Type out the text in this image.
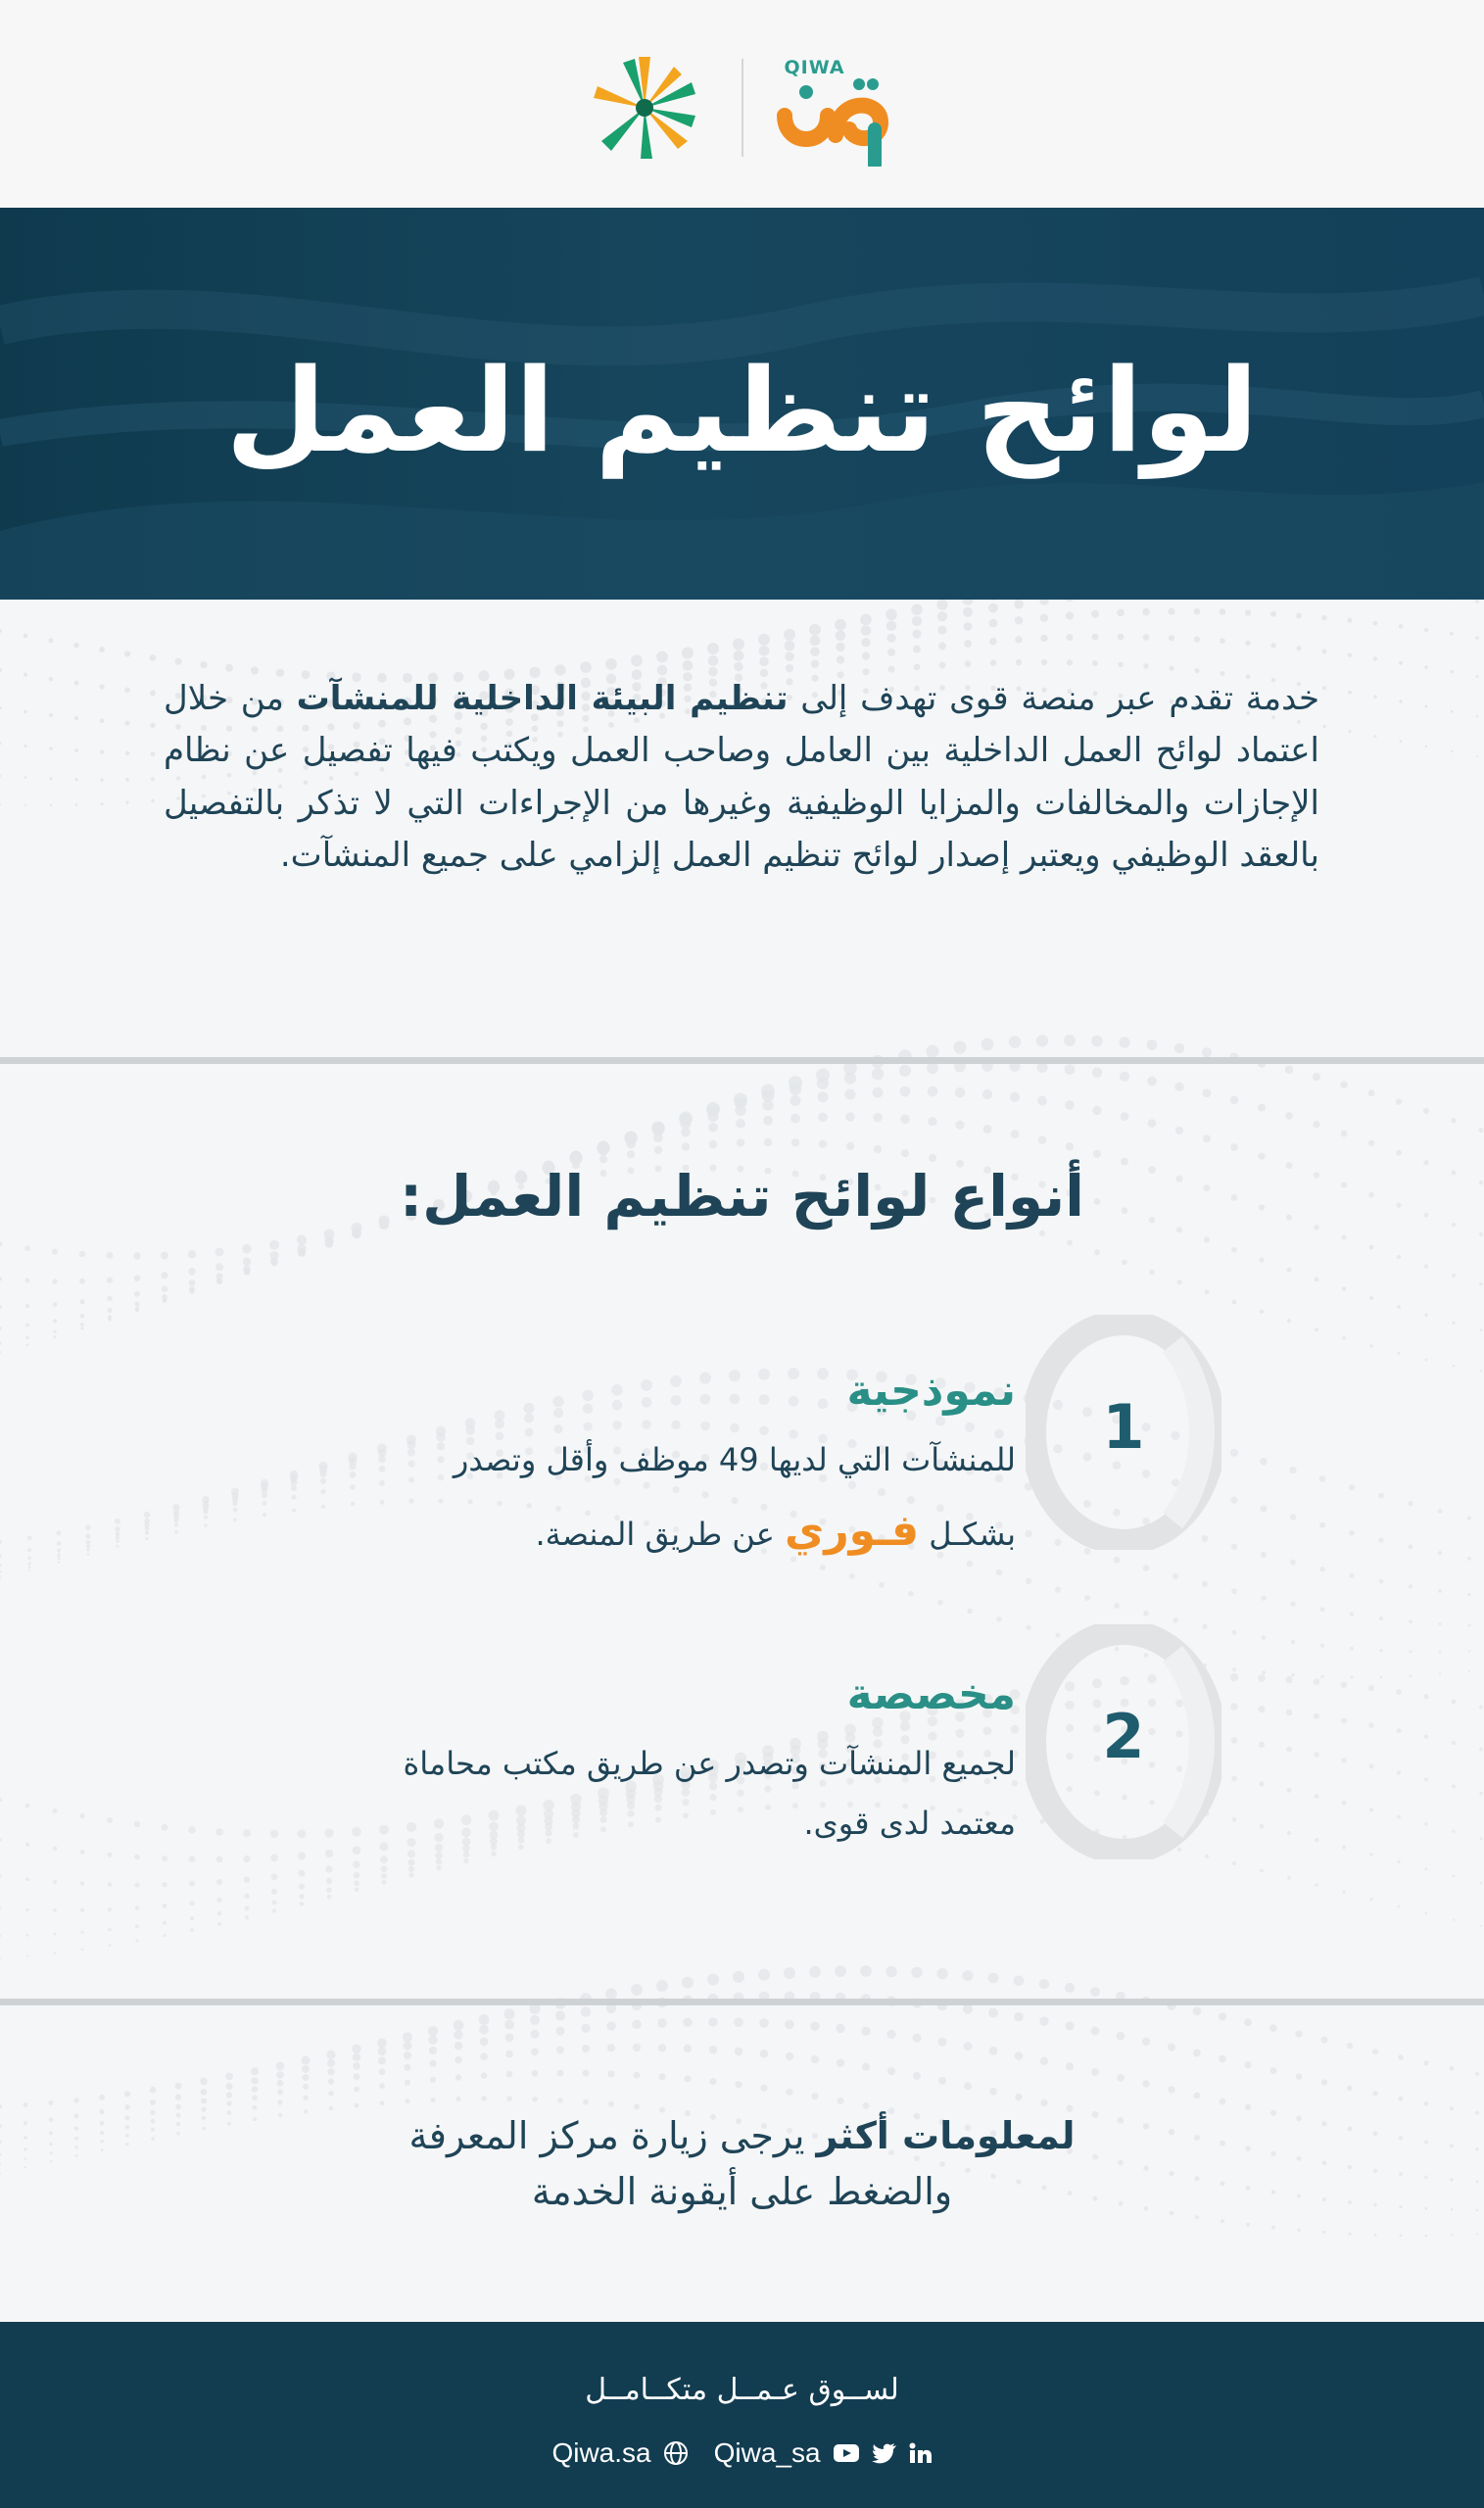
QIWA
لوائح تنظيم العمل
خدمة تقدم عبر منصة قوى تهدف إلى تنظيم البيئة الداخلية للمنشآت من خلال اعتماد لوائح العمل الداخلية بين العامل وصاحب العمل ويكتب فيها تفصيل عن نظام الإجازات والمخالفات والمزايا الوظيفية وغيرها من الإجراءات التي لا تذكر بالتفصيل بالعقد الوظيفي ويعتبر إصدار لوائح تنظيم العمل إلزامي على جميع المنشآت.
أنواع لوائح تنظيم العمل:
1
نموذجية
للمنشآت التي لديها 49 موظف وأقل وتصدر
بشكـل فـوري عن طريق المنصة.
2
مخصصة
لجميع المنشآت وتصدر عن طريق مكتب محاماة
معتمد لدى قوى.
لمعلومات أكثر يرجى زيارة مركز المعرفة
والضغط على أيقونة الخدمة
لســوق عـمــل متكــامــل
Qiwa.sa Qiwa_sa
